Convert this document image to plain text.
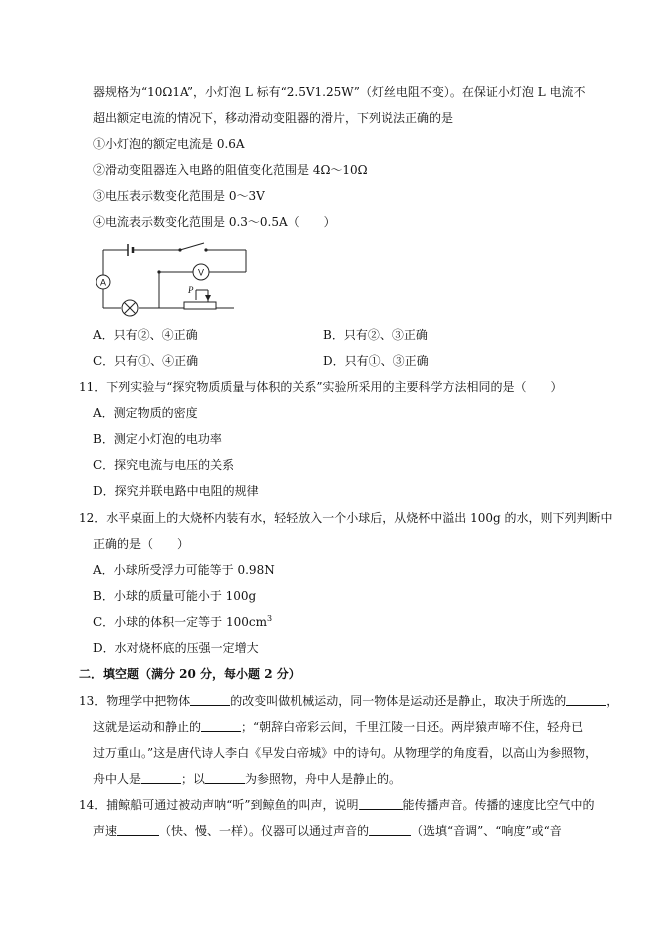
器规格为“10Ω1A”，小灯泡 L 标有“2.5V1.25W”（灯丝电阻不变）。在保证小灯泡 L 电流不
超出额定电流的情况下，移动滑动变阻器的滑片，下列说法正确的是
①小灯泡的额定电流是 0.6A
②滑动变阻器连入电路的阻值变化范围是 4Ω～10Ω
③电压表示数变化范围是 0～3V
④电流表示数变化范围是 0.3～0.5A（　　）
A
V
P
A．只有②、④正确	B．只有②、③正确
C．只有①、④正确	D．只有①、③正确
11．下列实验与“探究物质质量与体积的关系”实验所采用的主要科学方法相同的是（　　）
A．测定物质的密度
B．测定小灯泡的电功率
C．探究电流与电压的关系
D．探究并联电路中电阻的规律
12．水平桌面上的大烧杯内装有水，轻轻放入一个小球后，从烧杯中溢出 100g 的水，则下列判断中
正确的是（　　）
A．小球所受浮力可能等于 0.98N
B．小球的质量可能小于 100g
C．小球的体积一定等于 $100cm^3$
D．水对烧杯底的压强一定增大
二．填空题（满分 20 分，每小题 2 分）
13．物理学中把物体	的改变叫做机械运动，同一物体是运动还是静止，取决于所选的	，
这就是运动和静止的	；“朝辞白帝彩云间，千里江陵一日还。两岸猿声啼不住，轻舟已
过万重山。”这是唐代诗人李白《早发白帝城》中的诗句。从物理学的角度看，以高山为参照物，
舟中人是	；以	为参照物，舟中人是静止的。
14．捕鲸船可通过被动声呐“听”到鲸鱼的叫声，说明	能传播声音。传播的速度比空气中的
声速	（快、慢、一样）。仪器可以通过声音的	（选填“音调”、“响度”或“音
